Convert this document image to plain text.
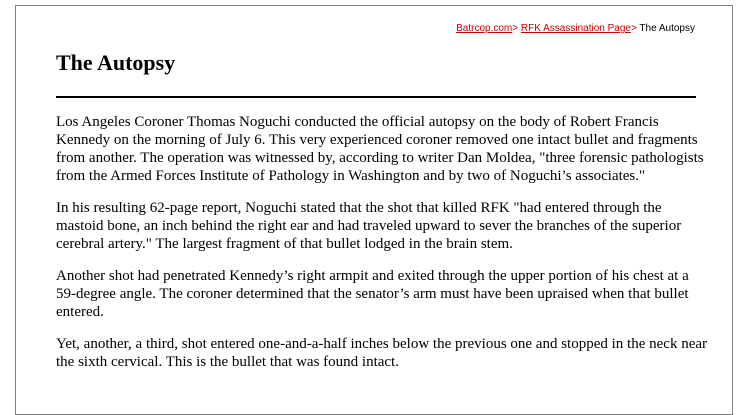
Batrcop.com> RFK Assassination Page> The Autopsy
The Autopsy

Los Angeles Coroner Thomas Noguchi conducted the official autopsy on the body of Robert Francis Kennedy on the morning of July 6. This very experienced coroner removed one intact bullet and fragments from another. The operation was witnessed by, according to writer Dan Moldea, "three forensic pathologists from the Armed Forces Institute of Pathology in Washington and by two of Noguchi’s associates."

In his resulting 62-page report, Noguchi stated that the shot that killed RFK "had entered through the mastoid bone, an inch behind the right ear and had traveled upward to sever the branches of the superior cerebral artery." The largest fragment of that bullet lodged in the brain stem.

Another shot had penetrated Kennedy’s right armpit and exited through the upper portion of his chest at a 59-degree angle. The coroner determined that the senator’s arm must have been upraised when that bullet entered.

Yet, another, a third, shot entered one-and-a-half inches below the previous one and stopped in the neck near the sixth cervical. This is the bullet that was found intact.
